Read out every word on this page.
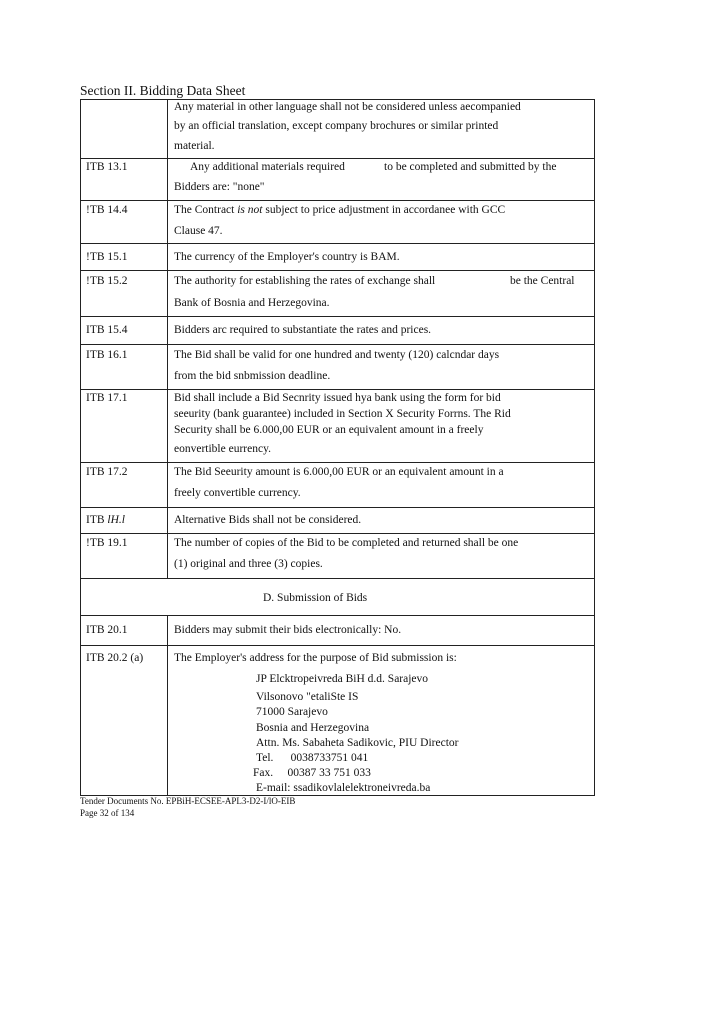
Section II. Bidding Data Sheet
Any material in other language shall not be considered unless aecompanied
by an official translation, except company brochures or similar printed
material.
ITB 13.1	Any additional materials required	to be completed and submitted by the
Bidders are: "none"
!TB 14.4	The Contract is not subject to price adjustment in accordanee with GCC
Clause 47.
!TB 15.1	The currency of the Employer's country is BAM.
!TB 15.2	The authority for establishing the rates of exchange shall	be the Central
Bank of Bosnia and Herzegovina.
ITB 15.4	Bidders arc required to substantiate the rates and prices.
ITB 16.1	The Bid shall be valid for one hundred and twenty (120) calcndar days
from the bid snbmission deadline.
ITB 17.1	Bid shall include a Bid Secnrity issued hya bank using the form for bid
seeurity (bank guarantee) included in Section X Security Forrns. The Rid
Security shall be 6.000,00 EUR or an equivalent amount in a freely
eonvertible eurrency.
ITB 17.2	The Bid Seeurity amount is 6.000,00 EUR or an equivalent amount in a
freely convertible currency.
ITB lH.l	Alternative Bids shall not be considered.
!TB 19.1	The number of copies of the Bid to be completed and returned shall be one
(1) original and three (3) copies.
D. Submission of Bids
ITB 20.1	Bidders may submit their bids electronically: No.
ITB 20.2 (a)	The Employer's address for the purpose of Bid submission is:
JP Elcktropeivreda BiH d.d. Sarajevo
Vilsonovo "etaliSte IS
71000 Sarajevo
Bosnia and Herzegovina
Attn. Ms. Sabaheta Sadikovic, PIU Director
Tel.      0038733751 041
Fax.     00387 33 751 033
E-mail: ssadikovlalelektroneivreda.ba
Tender Documents No. EPBiH-ECSEE-APL3-D2-I/lO-EIB
Page 32 of 134
